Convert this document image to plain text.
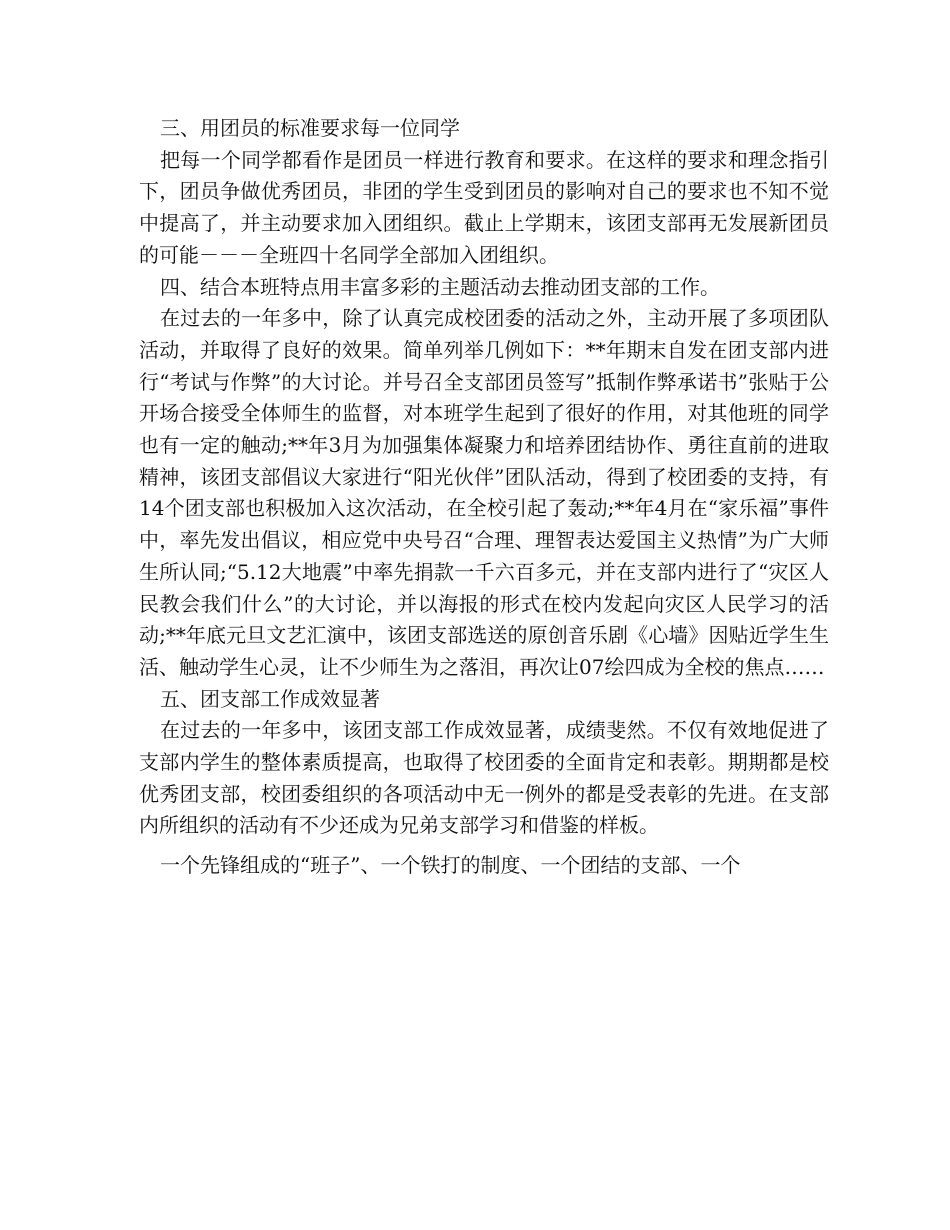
三、用团员的标准要求每一位同学

把每一个同学都看作是团员一样进行教育和要求。在这样的要求和理念指引下，团员争做优秀团员，非团的学生受到团员的影响对自己的要求也不知不觉中提高了，并主动要求加入团组织。截止上学期末，该团支部再无发展新团员的可能－－－全班四十名同学全部加入团组织。

四、结合本班特点用丰富多彩的主题活动去推动团支部的工作。

在过去的一年多中，除了认真完成校团委的活动之外，主动开展了多项团队活动，并取得了良好的效果。简单列举几例如下：**年期末自发在团支部内进行“考试与作弊”的大讨论。并号召全支部团员签写”抵制作弊承诺书”张贴于公开场合接受全体师生的监督，对本班学生起到了很好的作用，对其他班的同学也有一定的触动;**年3月为加强集体凝聚力和培养团结协作、勇往直前的进取精神，该团支部倡议大家进行“阳光伙伴”团队活动，得到了校团委的支持，有14个团支部也积极加入这次活动，在全校引起了轰动;**年4月在“家乐福”事件中，率先发出倡议，相应党中央号召“合理、理智表达爱国主义热情”为广大师生所认同;“5.12大地震”中率先捐款一千六百多元，并在支部内进行了“灾区人民教会我们什么”的大讨论，并以海报的形式在校内发起向灾区人民学习的活动;**年底元旦文艺汇演中，该团支部选送的原创音乐剧《心墙》因贴近学生生活、触动学生心灵，让不少师生为之落泪，再次让07绘四成为全校的焦点……

五、团支部工作成效显著

在过去的一年多中，该团支部工作成效显著，成绩斐然。不仅有效地促进了支部内学生的整体素质提高，也取得了校团委的全面肯定和表彰。期期都是校优秀团支部，校团委组织的各项活动中无一例外的都是受表彰的先进。在支部内所组织的活动有不少还成为兄弟支部学习和借鉴的样板。

一个先锋组成的“班子”、一个铁打的制度、一个团结的支部、一个
